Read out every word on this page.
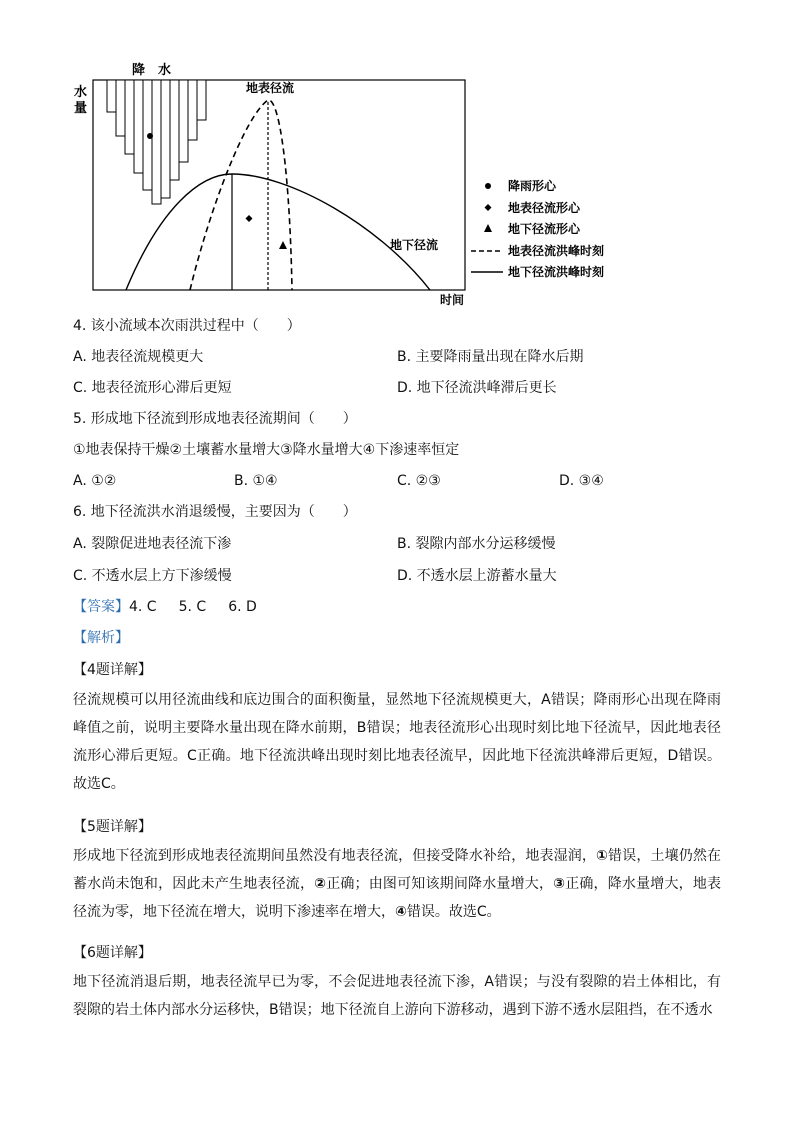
水
量
降　水
地表径流
地下径流
时间
降雨形心
地表径流形心
地下径流形心
地表径流洪峰时刻
地下径流洪峰时刻
4. 该小流域本次雨洪过程中（　　）
A. 地表径流规模更大	B. 主要降雨量出现在降水后期
C. 地表径流形心滞后更短	D. 地下径流洪峰滞后更长
5. 形成地下径流到形成地表径流期间（　　）
①地表保持干燥②土壤蓄水量增大③降水量增大④下渗速率恒定
A. ①②	B. ①④	C. ②③	D. ③④
6. 地下径流洪水消退缓慢，主要因为（　　）
A. 裂隙促进地表径流下渗	B. 裂隙内部水分运移缓慢
C. 不透水层上方下渗缓慢	D. 不透水层上游蓄水量大
【答案】4. C 5. C 6. D
【解析】
【4题详解】
径流规模可以用径流曲线和底边围合的面积衡量，显然地下径流规模更大，A错误；降雨形心出现在降雨峰值之前，说明主要降水量出现在降水前期，B错误；地表径流形心出现时刻比地下径流早，因此地表径流形心滞后更短。C正确。地下径流洪峰出现时刻比地表径流早，因此地下径流洪峰滞后更短，D错误。故选C。
【5题详解】
形成地下径流到形成地表径流期间虽然没有地表径流，但接受降水补给，地表湿润，①错误，土壤仍然在蓄水尚未饱和，因此未产生地表径流，②正确；由图可知该期间降水量增大，③正确，降水量增大，地表径流为零，地下径流在增大，说明下渗速率在增大，④错误。故选C。
【6题详解】
地下径流消退后期，地表径流早已为零，不会促进地表径流下渗，A错误；与没有裂隙的岩土体相比，有裂隙的岩土体内部水分运移快，B错误；地下径流自上游向下游移动，遇到下游不透水层阻挡，在不透水
